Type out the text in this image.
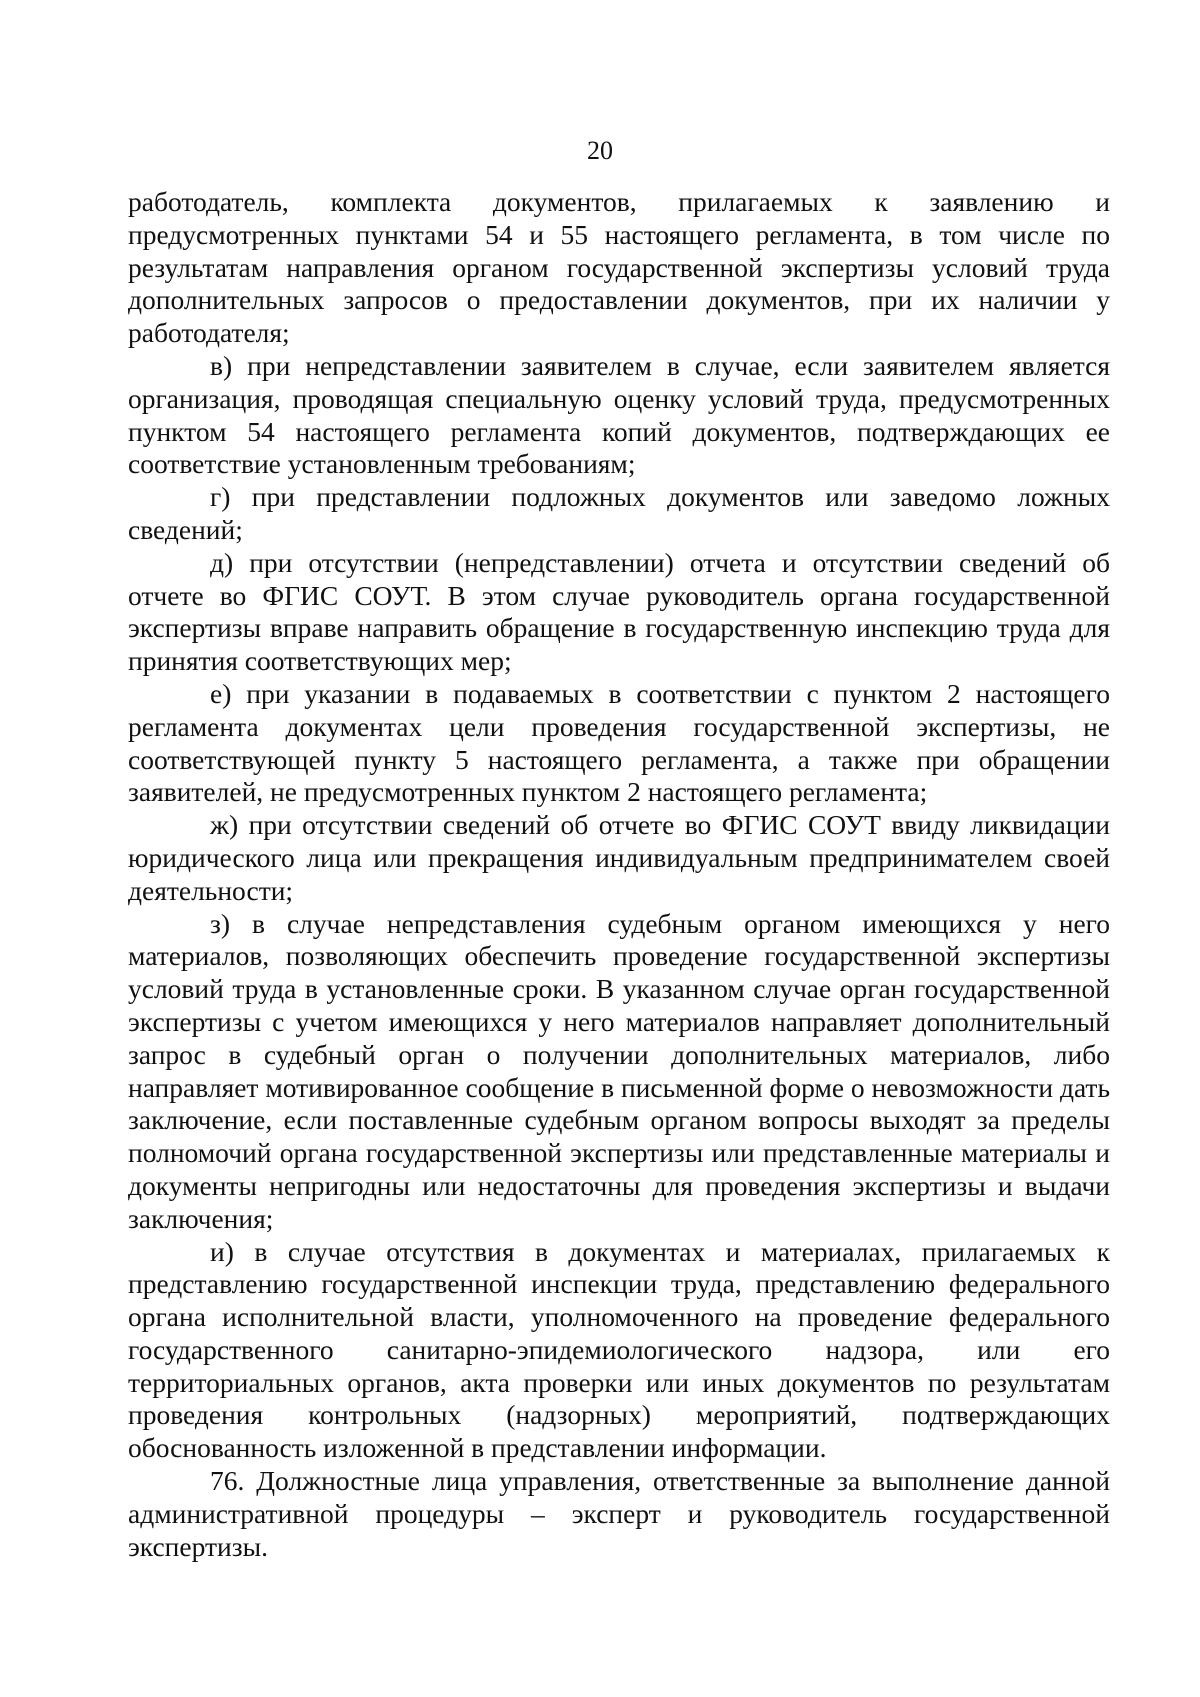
20

работодатель, комплекта документов, прилагаемых к заявлению и предусмотренных пунктами 54 и 55 настоящего регламента, в том числе по результатам направления органом государственной экспертизы условий труда дополнительных запросов о предоставлении документов, при их наличии у работодателя;

в) при непредставлении заявителем в случае, если заявителем является организация, проводящая специальную оценку условий труда, предусмотренных пунктом 54 настоящего регламента копий документов, подтверждающих ее соответствие установленным требованиям;

г) при представлении подложных документов или заведомо ложных сведений;

д) при отсутствии (непредставлении) отчета и отсутствии сведений об отчете во ФГИС СОУТ. В этом случае руководитель органа государственной экспертизы вправе направить обращение в государственную инспекцию труда для принятия соответствующих мер;

е) при указании в подаваемых в соответствии с пунктом 2 настоящего регламента документах цели проведения государственной экспертизы, не соответствующей пункту 5 настоящего регламента, а также при обращении заявителей, не предусмотренных пунктом 2 настоящего регламента;

ж) при отсутствии сведений об отчете во ФГИС СОУТ ввиду ликвидации юридического лица или прекращения индивидуальным предпринимателем своей деятельности;

з) в случае непредставления судебным органом имеющихся у него материалов, позволяющих обеспечить проведение государственной экспертизы условий труда в установленные сроки. В указанном случае орган государственной экспертизы с учетом имеющихся у него материалов направляет дополнительный запрос в судебный орган о получении дополнительных материалов, либо направляет мотивированное сообщение в письменной форме о невозможности дать заключение, если поставленные судебным органом вопросы выходят за пределы полномочий органа государственной экспертизы или представленные материалы и документы непригодны или недостаточны для проведения экспертизы и выдачи заключения;

и) в случае отсутствия в документах и материалах, прилагаемых к представлению государственной инспекции труда, представлению федерального органа исполнительной власти, уполномоченного на проведение федерального государственного санитарно-эпидемиологического надзора, или его территориальных органов, акта проверки или иных документов по результатам проведения контрольных (надзорных) мероприятий, подтверждающих обоснованность изложенной в представлении информации.

76. Должностные лица управления, ответственные за выполнение данной административной процедуры – эксперт и руководитель государственной экспертизы.
